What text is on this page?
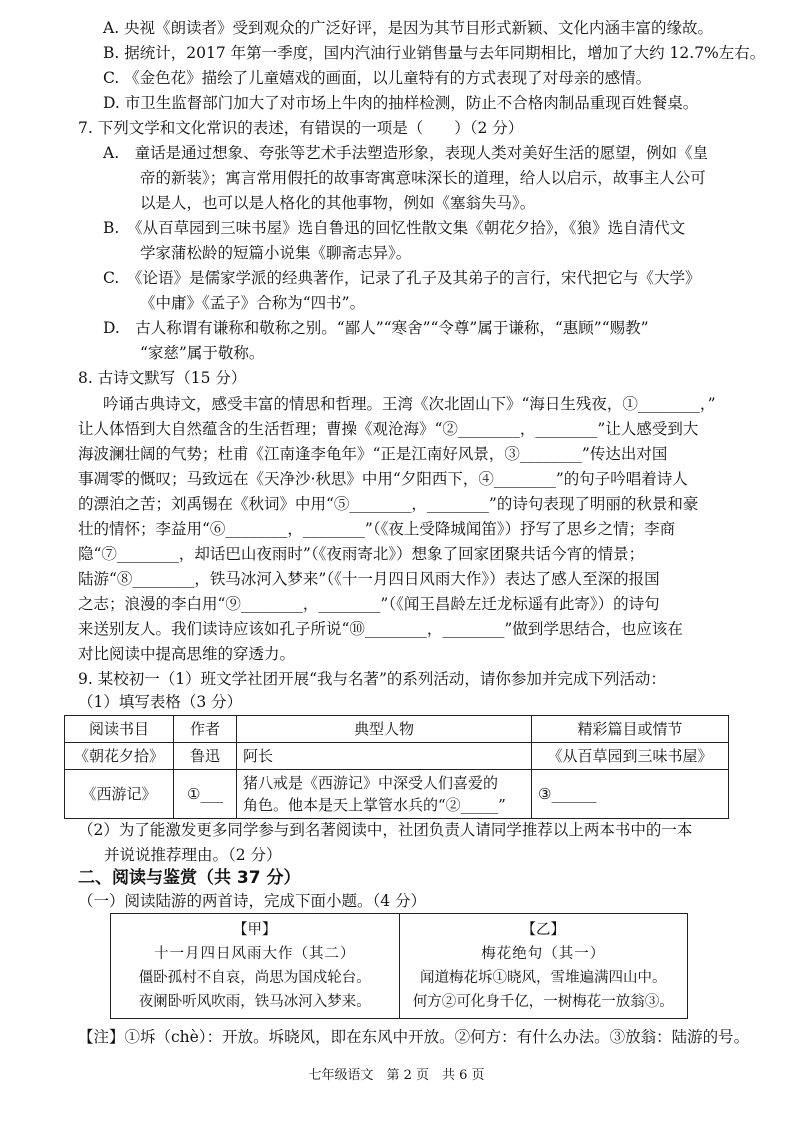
A. 央视《朗读者》受到观众的广泛好评，是因为其节目形式新颖、文化内涵丰富的缘故。
B. 据统计，2017 年第一季度，国内汽油行业销售量与去年同期相比，增加了大约 12.7%左右。
C. 《金色花》描绘了儿童嬉戏的画面，以儿童特有的方式表现了对母亲的感情。
D. 市卫生监督部门加大了对市场上牛肉的抽样检测，防止不合格肉制品重现百姓餐桌。
7. 下列文学和文化常识的表述，有错误的一项是（　　）（2 分）
A.　童话是通过想象、夸张等艺术手法塑造形象，表现人类对美好生活的愿望，例如《皇
帝的新装》；寓言常用假托的故事寄寓意味深长的道理，给人以启示，故事主人公可
以是人，也可以是人格化的其他事物，例如《塞翁失马》。
B.　《从百草园到三味书屋》选自鲁迅的回忆性散文集《朝花夕拾》，《狼》选自清代文
学家蒲松龄的短篇小说集《聊斋志异》。
C.　《论语》是儒家学派的经典著作，记录了孔子及其弟子的言行，宋代把它与《大学》
《中庸》《孟子》合称为“四书”。
D.　古人称谓有谦称和敬称之别。“鄙人”“寒舍”“令尊”属于谦称，“惠顾”“赐教”
“家慈”属于敬称。
8. 古诗文默写（15 分）
吟诵古典诗文，感受丰富的情思和哲理。王湾《次北固山下》“海日生残夜，①________，”
让人体悟到大自然蕴含的生活哲理；曹操《观沧海》“②________，________”让人感受到大
海波澜壮阔的气势；杜甫《江南逢李龟年》“正是江南好风景，③________”传达出对国
事凋零的慨叹；马致远在《天净沙·秋思》中用“夕阳西下，④________”的句子吟唱着诗人
的漂泊之苦；刘禹锡在《秋词》中用“⑤________，________”的诗句表现了明丽的秋景和豪
壮的情怀；李益用“⑥________，________”（《夜上受降城闻笛》）抒写了思乡之情；李商
隐“⑦________，却话巴山夜雨时”（《夜雨寄北》）想象了回家团聚共话今宵的情景；
陆游“⑧________，铁马冰河入梦来”（《十一月四日风雨大作》）表达了感人至深的报国
之志；浪漫的李白用“⑨________，________”（《闻王昌龄左迁龙标遥有此寄》）的诗句
来送别友人。我们读诗应该如孔子所说“⑩________，________”做到学思结合，也应该在
对比阅读中提高思维的穿透力。
9. 某校初一（1）班文学社团开展“我与名著”的系列活动，请你参加并完成下列活动：
（1）填写表格（3 分）
阅读书目	作者	典型人物	精彩篇目或情节
《朝花夕拾》	鲁迅	阿长	《从百草园到三味书屋》
《西游记》	①___	猪八戒是《西游记》中深受人们喜爱的
角色。他本是天上掌管水兵的“②_____”	③______
（2）为了能激发更多同学参与到名著阅读中，社团负责人请同学推荐以上两本书中的一本
并说说推荐理由。（2 分）
二、阅读与鉴赏（共 37 分）
（一）阅读陆游的两首诗，完成下面小题。（4 分）
【甲】
十一月四日风雨大作（其二）
僵卧孤村不自哀，尚思为国戍轮台。
夜阑卧听风吹雨，铁马冰河入梦来。
【乙】
梅花绝句（其一）
闻道梅花坼①晓风，雪堆遍满四山中。
何方②可化身千亿，一树梅花一放翁③。
【注】①坼（chè）：开放。坼晓风，即在东风中开放。②何方：有什么办法。③放翁：陆游的号。
七年级语文　第 2 页　共 6 页
